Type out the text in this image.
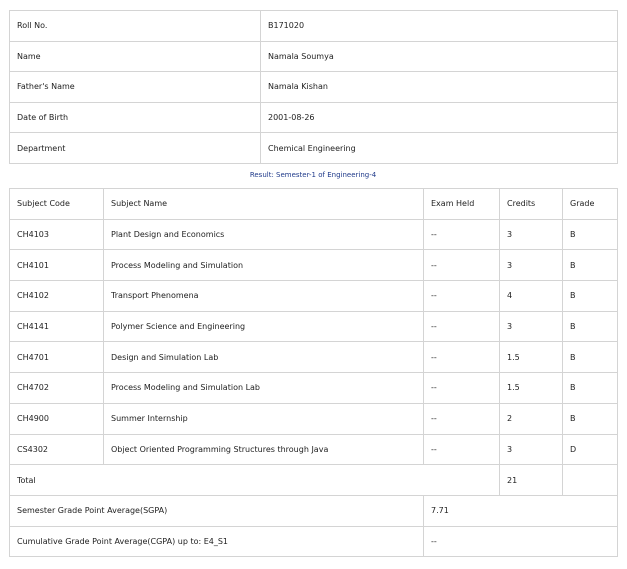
Roll No.	B171020
Name	Namala Soumya
Father's Name	Namala Kishan
Date of Birth	2001-08-26
Department	Chemical Engineering
Result: Semester-1 of Engineering-4
Subject Code	Subject Name	Exam Held	Credits	Grade
CH4103	Plant Design and Economics	--	3	B
CH4101	Process Modeling and Simulation	--	3	B
CH4102	Transport Phenomena	--	4	B
CH4141	Polymer Science and Engineering	--	3	B
CH4701	Design and Simulation Lab	--	1.5	B
CH4702	Process Modeling and Simulation Lab	--	1.5	B
CH4900	Summer Internship	--	2	B
CS4302	Object Oriented Programming Structures through Java	--	3	D
Total			21	
Semester Grade Point Average(SGPA)		7.71		
Cumulative Grade Point Average(CGPA) up to: E4_S1		--		
